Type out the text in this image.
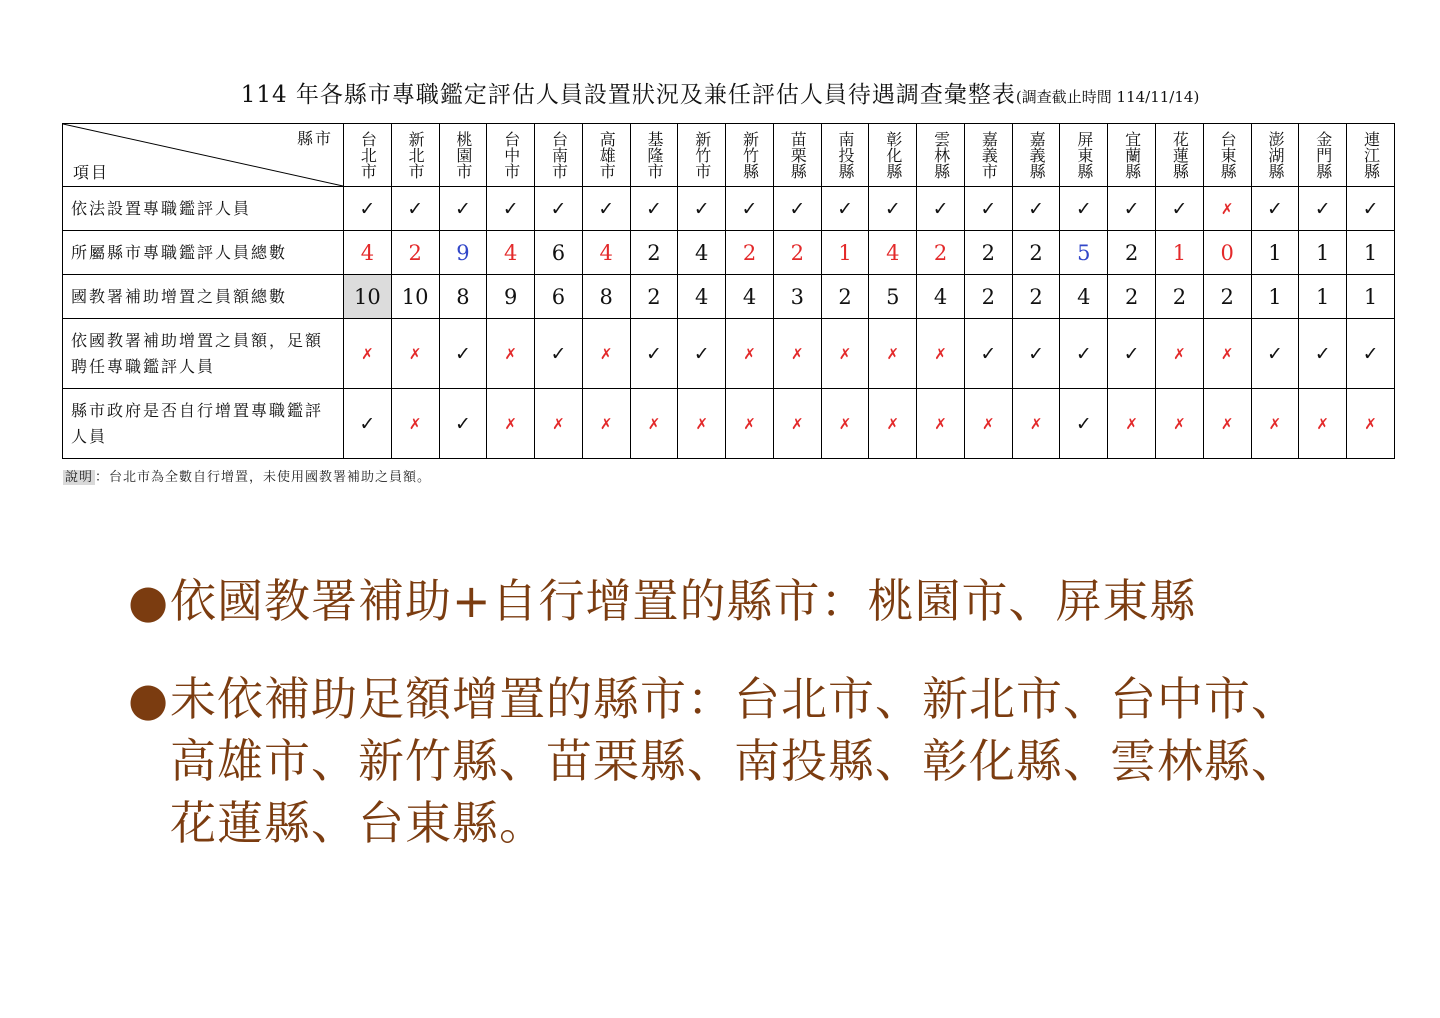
114 年各縣市專職鑑定評估人員設置狀況及兼任評估人員待遇調查彙整表(調查截止時間 114/11/14)
縣市
項目	台北市	新北市	桃園市	台中市	台南市	高雄市	基隆市	新竹市	新竹縣	苗栗縣	南投縣	彰化縣	雲林縣	嘉義市	嘉義縣	屏東縣	宜蘭縣	花蓮縣	台東縣	澎湖縣	金門縣	連江縣
依法設置專職鑑評人員	✓	✓	✓	✓	✓	✓	✓	✓	✓	✓	✓	✓	✓	✓	✓	✓	✓	✓	✗	✓	✓	✓
所屬縣市專職鑑評人員總數	4	2	9	4	6	4	2	4	2	2	1	4	2	2	2	5	2	1	0	1	1	1
國教署補助增置之員額總數	10	10	8	9	6	8	2	4	4	3	2	5	4	2	2	4	2	2	2	1	1	1
依國教署補助增置之員額，足額聘任專職鑑評人員	✗	✗	✓	✗	✓	✗	✓	✓	✗	✗	✗	✗	✗	✓	✓	✓	✓	✗	✗	✓	✓	✓
縣市政府是否自行增置專職鑑評人員	✓	✗	✓	✗	✗	✗	✗	✗	✗	✗	✗	✗	✗	✗	✗	✓	✗	✗	✗	✗	✗	✗
說明 ：台北市為全數自行增置，未使用國教署補助之員額。
● 依國教署補助+自行增置的縣市：桃園市、屏東縣
● 未依補助足額增置的縣市：台北市、新北市、台中市、高雄市、新竹縣、苗栗縣、南投縣、彰化縣、雲林縣、花蓮縣、台東縣。
